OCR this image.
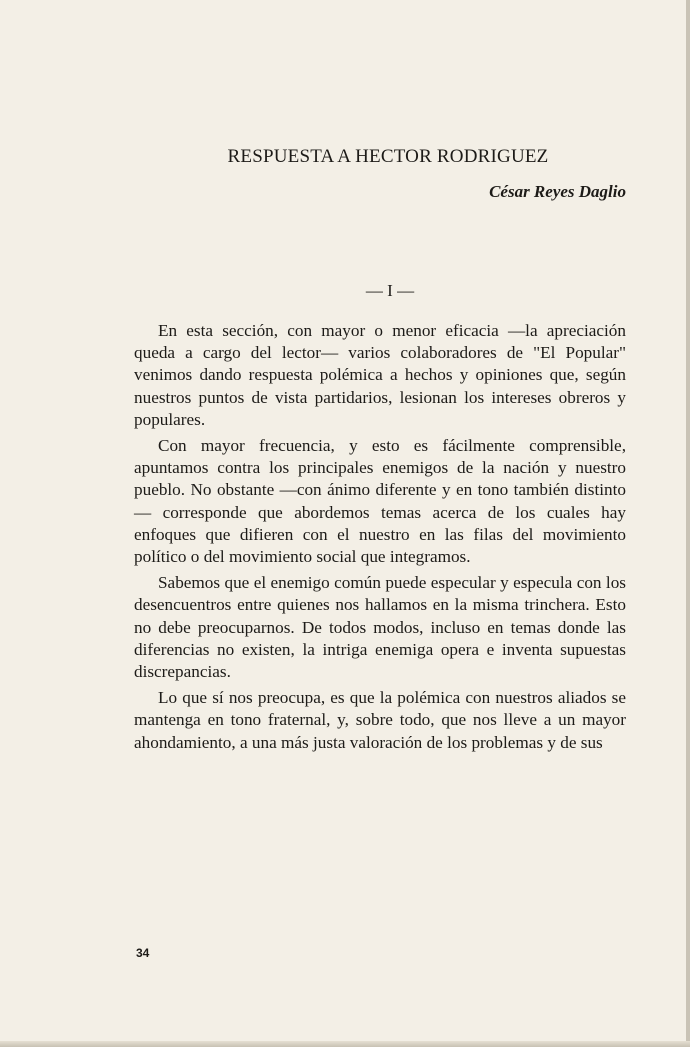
RESPUESTA A HECTOR RODRIGUEZ
César Reyes Daglio
— I —

En esta sección, con mayor o menor eficacia —la apreciación queda a cargo del lector— varios colaboradores de "El Popular" venimos dando respuesta polémica a hechos y opiniones que, según nuestros puntos de vista partidarios, lesionan los intereses obreros y populares.

Con mayor frecuencia, y esto es fácilmente comprensible, apuntamos contra los principales enemigos de la nación y nuestro pueblo. No obstante —con ánimo diferente y en tono también distinto— corresponde que abordemos temas acerca de los cuales hay enfoques que difieren con el nuestro en las filas del movimiento político o del movimiento social que integramos.

Sabemos que el enemigo común puede especular y especula con los desencuentros entre quienes nos hallamos en la misma trinchera. Esto no debe preocuparnos. De todos modos, incluso en temas donde las diferencias no existen, la intriga enemiga opera e inventa supuestas discrepancias.

Lo que sí nos preocupa, es que la polémica con nuestros aliados se mantenga en tono fraternal, y, sobre todo, que nos lleve a un mayor ahondamiento, a una más justa valoración de los problemas y de sus

34
